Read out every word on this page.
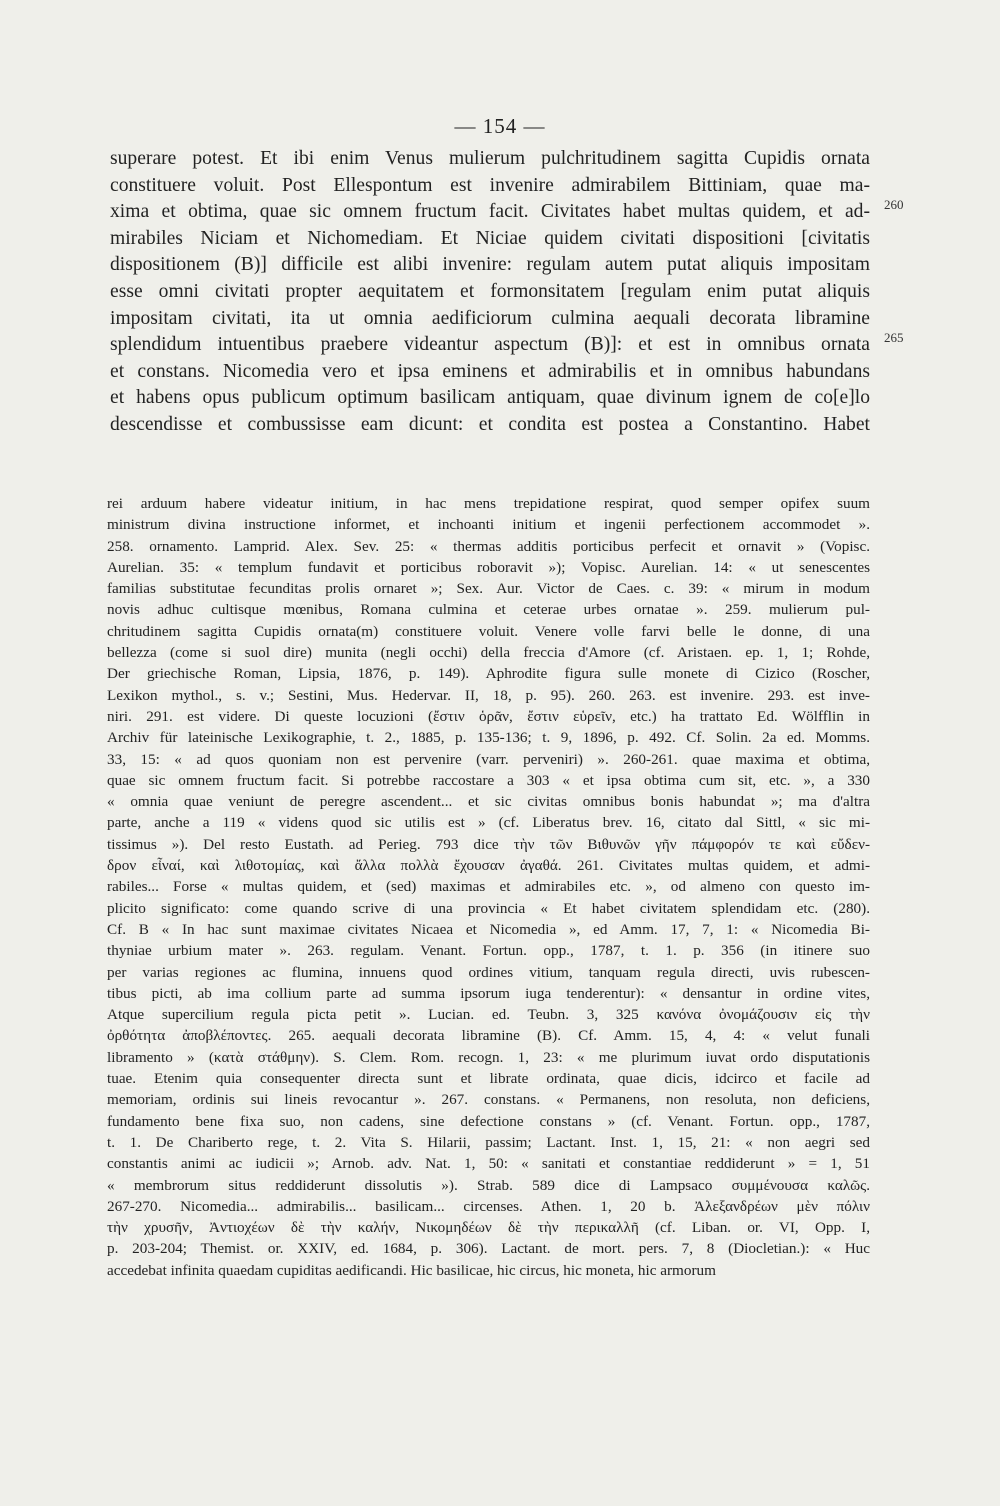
— 154 —
superare potest. Et ibi enim Venus mulierum pulchritudinem sagitta Cupidis ornata
constituere voluit. Post Ellespontum est invenire admirabilem Bittiniam, quae ma-
xima et obtima, quae sic omnem fructum facit. Civitates habet multas quidem, et ad-
mirabiles Niciam et Nichomediam. Et Niciae quidem civitati dispositioni [civitatis
dispositionem (B)] difficile est alibi invenire: regulam autem putat aliquis impositam
esse omni civitati propter aequitatem et formonsitatem [regulam enim putat aliquis
impositam civitati, ita ut omnia aedificiorum culmina aequali decorata libramine
splendidum intuentibus praebere videantur aspectum (B)]: et est in omnibus ornata
et constans. Nicomedia vero et ipsa eminens et admirabilis et in omnibus habundans
et habens opus publicum optimum basilicam antiquam, quae divinum ignem de co[e]lo
descendisse et combussisse eam dicunt: et condita est postea a Constantino. Habet
260
265
rei arduum habere videatur initium, in hac mens trepidatione respirat, quod semper opifex suum
ministrum divina instructione informet, et inchoanti initium et ingenii perfectionem accommodet ».
258. ornamento. Lamprid. Alex. Sev. 25: « thermas additis porticibus perfecit et ornavit » (Vopisc.
Aurelian. 35: « templum fundavit et porticibus roboravit »); Vopisc. Aurelian. 14: « ut senescentes
familias substitutae fecunditas prolis ornaret »; Sex. Aur. Victor de Caes. c. 39: « mirum in modum
novis adhuc cultisque mœnibus, Romana culmina et ceterae urbes ornatae ». 259. mulierum pul-
chritudinem sagitta Cupidis ornata(m) constituere voluit. Venere volle farvi belle le donne, di una
bellezza (come si suol dire) munita (negli occhi) della freccia d'Amore (cf. Aristaen. ep. 1, 1; Rohde,
Der griechische Roman, Lipsia, 1876, p. 149). Aphrodite figura sulle monete di Cizico (Roscher,
Lexikon mythol., s. v.; Sestini, Mus. Hedervar. II, 18, p. 95). 260. 263. est invenire. 293. est inve-
niri. 291. est videre. Di queste locuzioni (ἔστιν ὁρᾶν, ἔστιν εὑρεῖν, etc.) ha trattato Ed. Wölfflin in
Archiv für lateinische Lexikographie, t. 2., 1885, p. 135-136; t. 9, 1896, p. 492. Cf. Solin. 2a ed. Momms.
33, 15: « ad quos quoniam non est pervenire (varr. perveniri) ». 260-261. quae maxima et obtima,
quae sic omnem fructum facit. Si potrebbe raccostare a 303 « et ipsa obtima cum sit, etc. », a 330
« omnia quae veniunt de peregre ascendent... et sic civitas omnibus bonis habundat »; ma d'altra
parte, anche a 119 « videns quod sic utilis est » (cf. Liberatus brev. 16, citato dal Sittl, « sic mi-
tissimus »). Del resto Eustath. ad Perieg. 793 dice τὴν τῶν Βιθυνῶν γῆν πάμφορόν τε καὶ εὔδεν-
δρον εἶναί, καὶ λιθοτομίας, καὶ ἄλλα πολλὰ ἔχουσαν ἀγαθά. 261. Civitates multas quidem, et admi-
rabiles... Forse « multas quidem, et (sed) maximas et admirabiles etc. », od almeno con questo im-
plicito significato: come quando scrive di una provincia « Et habet civitatem splendidam etc. (280).
Cf. B « In hac sunt maximae civitates Nicaea et Nicomedia », ed Amm. 17, 7, 1: « Nicomedia Bi-
thyniae urbium mater ». 263. regulam. Venant. Fortun. opp., 1787, t. 1. p. 356 (in itinere suo
per varias regiones ac flumina, innuens quod ordines vitium, tanquam regula directi, uvis rubescen-
tibus picti, ab ima collium parte ad summa ipsorum iuga tenderentur): « densantur in ordine vites,
Atque supercilium regula picta petit ». Lucian. ed. Teubn. 3, 325 κανόνα ὀνομάζουσιν εἰς τὴν
ὀρθότητα ἀποβλέποντες. 265. aequali decorata libramine (B). Cf. Amm. 15, 4, 4: « velut funali
libramento » (κατὰ στάθμην). S. Clem. Rom. recogn. 1, 23: « me plurimum iuvat ordo disputationis
tuae. Etenim quia consequenter directa sunt et librate ordinata, quae dicis, idcirco et facile ad
memoriam, ordinis sui lineis revocantur ». 267. constans. « Permanens, non resoluta, non deficiens,
fundamento bene fixa suo, non cadens, sine defectione constans » (cf. Venant. Fortun. opp., 1787,
t. 1. De Chariberto rege, t. 2. Vita S. Hilarii, passim; Lactant. Inst. 1, 15, 21: « non aegri sed
constantis animi ac iudicii »; Arnob. adv. Nat. 1, 50: « sanitati et constantiae reddiderunt » = 1, 51
« membrorum situs reddiderunt dissolutis »). Strab. 589 dice di Lampsaco συμμένουσα καλῶς.
267-270. Nicomedia... admirabilis... basilicam... circenses. Athen. 1, 20 b. Ἀλεξανδρέων μὲν πόλιν
τὴν χρυσῆν, Ἀντιοχέων δὲ τὴν καλήν, Νικομηδέων δὲ τὴν περικαλλῆ (cf. Liban. or. VI, Opp. I,
p. 203-204; Themist. or. XXIV, ed. 1684, p. 306). Lactant. de mort. pers. 7, 8 (Diocletian.): « Huc
accedebat infinita quaedam cupiditas aedificandi. Hic basilicae, hic circus, hic moneta, hic armorum
